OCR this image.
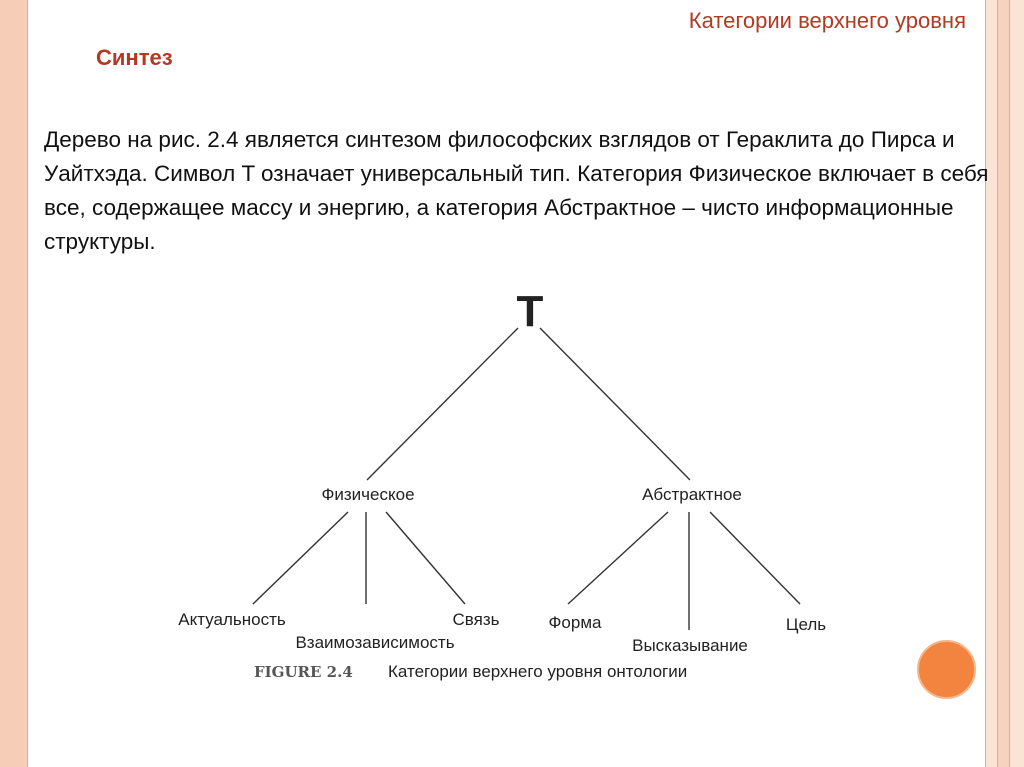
Категории верхнего уровня
Синтез
Дерево на рис. 2.4 является синтезом философских взглядов от Гераклита до Пирса и Уайтхэда. Символ T означает универсальный тип. Категория Физическое включает в себя все, содержащее массу и энергию, а категория Абстрактное – чисто информационные структуры.
T
Физическое	Абстрактное
Актуальность
Взаимозависимость
Связь	Форма
Высказывание
Цель
FIGURE 2.4 Категории верхнего уровня онтологии
